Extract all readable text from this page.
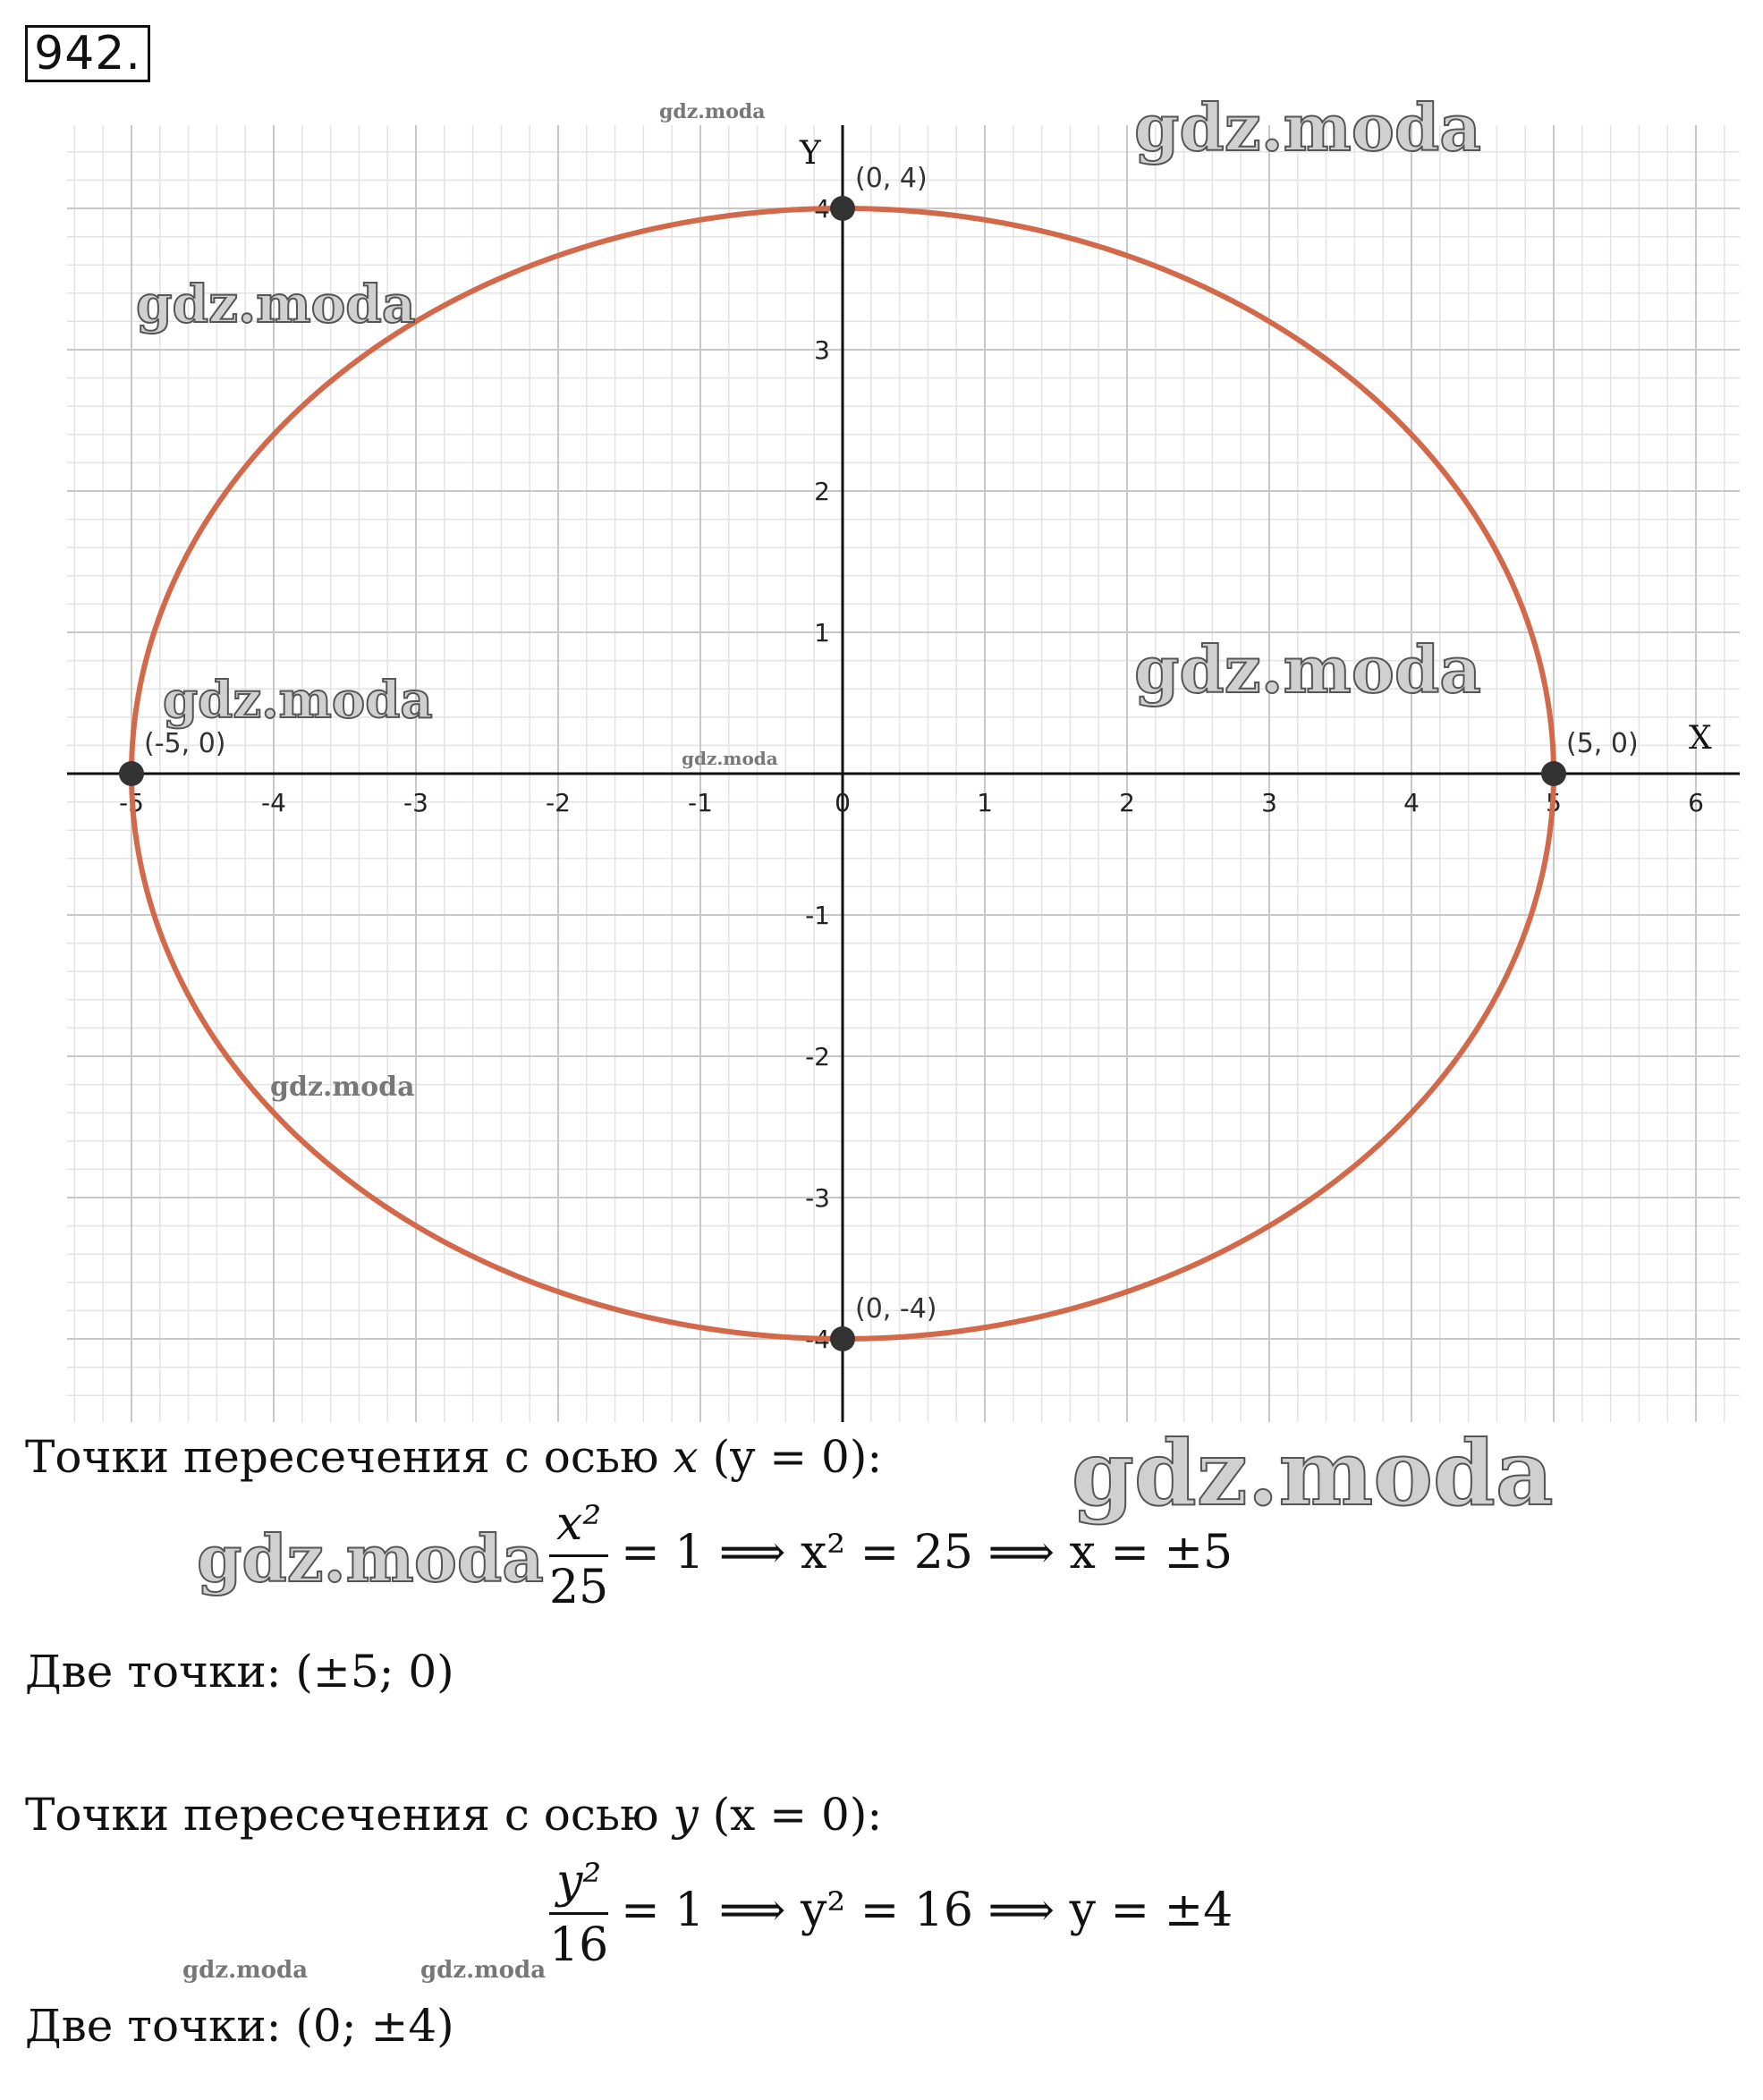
942.
-5	-4	-3	-2	-1	0	1	2	3	4	5	6
-4
-3
-2
-1
1
2
3
4
(0, 4)
(5, 0)
(-5, 0)
(0, -4)
X
Y	gdz.moda
gdz.moda
gdz.moda
gdz.moda
gdz.moda
gdz.moda
gdz.moda
gdz.moda
gdz.moda
gdz.moda	gdz.moda
Точки пересечения с осью x (y = 0):
$\frac{\text{x²}}{25} = 1$ ⟹ x² = 25 ⟹ x = ±5
Две точки: (±5; 0)
Точки пересечения с осью y (x = 0):
$\frac{\text{y²}}{16} = 1$ ⟹ y² = 16 ⟹ y = ±4
Две точки: (0; ±4)
